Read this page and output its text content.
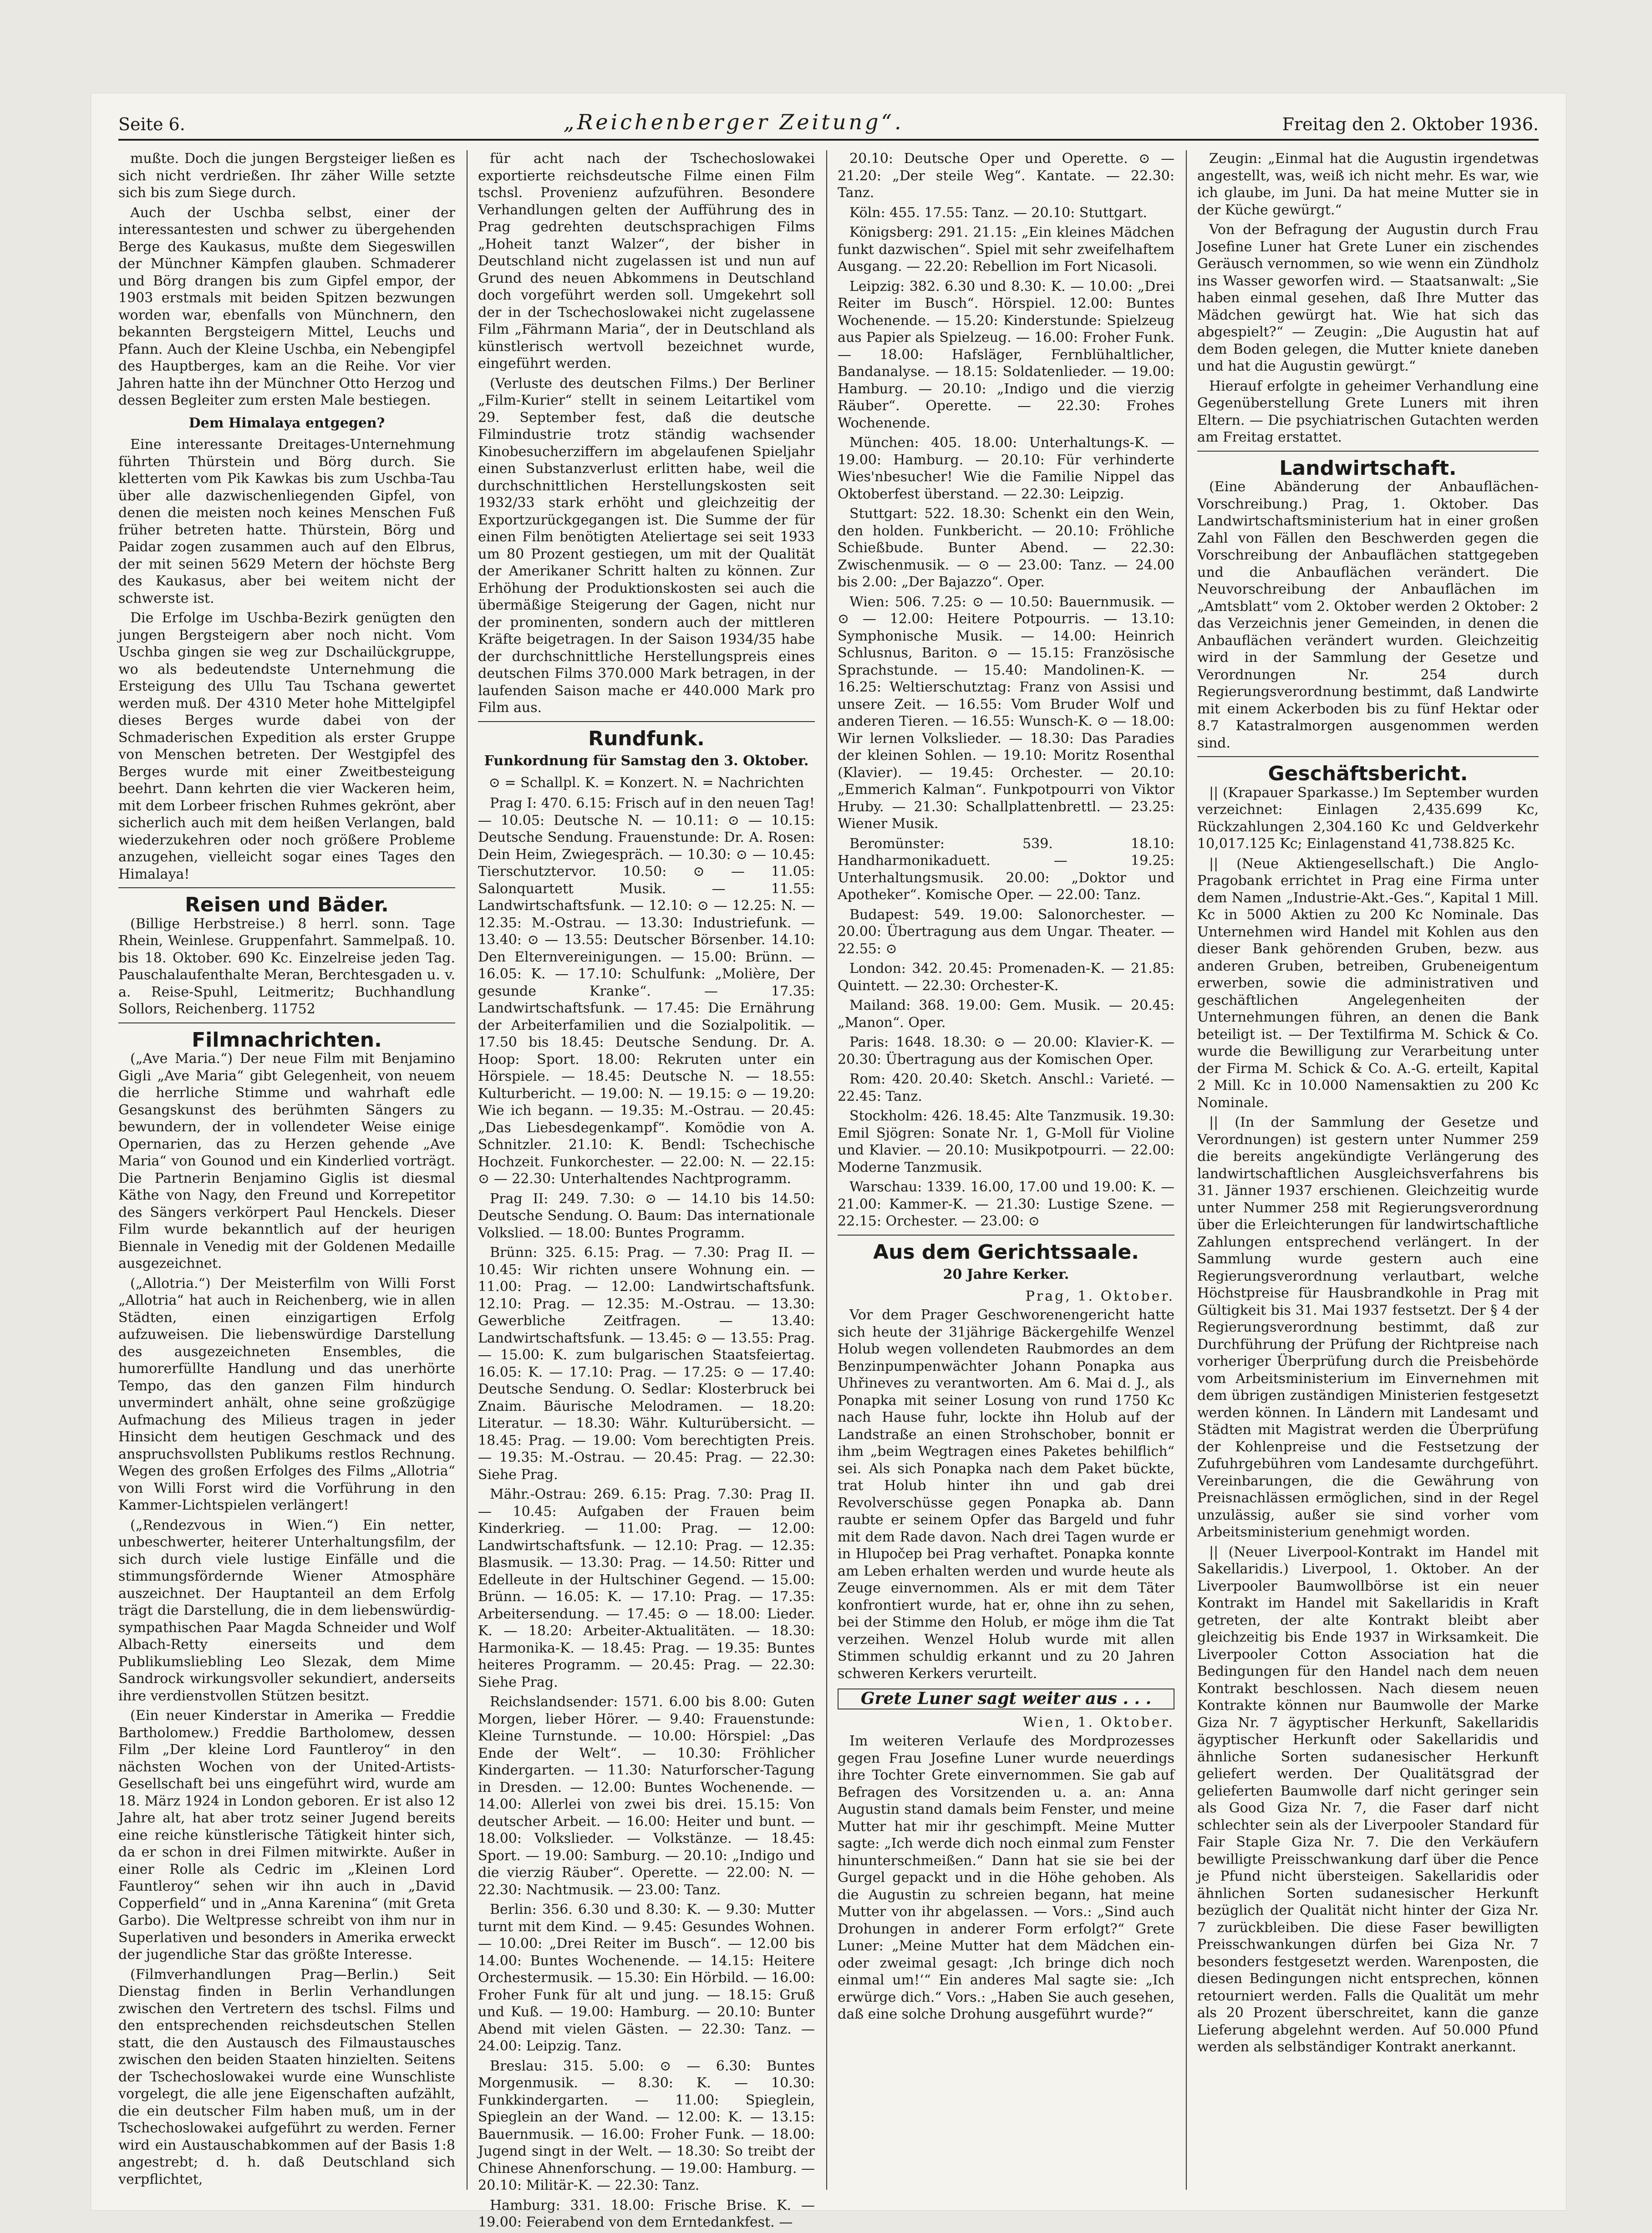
Seite 6.	„Reichenberger Zeitung“.	Freitag den 2. Oktober 1936.

mußte. Doch die jungen Bergsteiger ließen es sich nicht verdrießen. Ihr zäher Wille setzte sich bis zum Siege durch.

Auch der Uschba selbst, einer der interessantesten und schwer zu übergehenden Berge des Kaukasus, mußte dem Siegeswillen der Münchner Kämpfen glauben. Schmaderer und Börg drangen bis zum Gipfel empor, der 1903 erstmals mit beiden Spitzen bezwungen worden war, ebenfalls von Münchnern, den bekannten Bergsteigern Mittel, Leuchs und Pfann. Auch der Kleine Uschba, ein Nebengipfel des Hauptberges, kam an die Reihe. Vor vier Jahren hatte ihn der Münchner Otto Herzog und dessen Begleiter zum ersten Male bestiegen.

Dem Himalaya entgegen?

Eine interessante Dreitages-Unternehmung führten Thürstein und Börg durch. Sie kletterten vom Pik Kawkas bis zum Uschba-Tau über alle dazwischenliegenden Gipfel, von denen die meisten noch keines Menschen Fuß früher betreten hatte. Thürstein, Börg und Paidar zogen zusammen auch auf den Elbrus, der mit seinen 5629 Metern der höchste Berg des Kaukasus, aber bei weitem nicht der schwerste ist.

Die Erfolge im Uschba-Bezirk genügten den jungen Bergsteigern aber noch nicht. Vom Uschba gingen sie weg zur Dschailückgruppe, wo als bedeutendste Unternehmung die Ersteigung des Ullu Tau Tschana gewertet werden muß. Der 4310 Meter hohe Mittelgipfel dieses Berges wurde dabei von der Schmaderischen Expedition als erster Gruppe von Menschen betreten. Der Westgipfel des Berges wurde mit einer Zweitbesteigung beehrt. Dann kehrten die vier Wackeren heim, mit dem Lorbeer frischen Ruhmes gekrönt, aber sicherlich auch mit dem heißen Verlangen, bald wiederzukehren oder noch größere Probleme anzugehen, vielleicht sogar eines Tages den Himalaya!

Reisen und Bäder.

(Billige Herbstreise.) 8 herrl. sonn. Tage Rhein, Weinlese. Gruppenfahrt. Sammelpaß. 10. bis 18. Oktober. 690 Kc. Einzelreise jeden Tag. Pauschalaufenthalte Meran, Berchtesgaden u. v. a. Reise-Spuhl, Leitmeritz; Buchhandlung Sollors, Reichenberg. 11752

Filmnachrichten.

(„Ave Maria.“) Der neue Film mit Benjamino Gigli „Ave Maria“ gibt Gelegenheit, von neuem die herrliche Stimme und wahrhaft edle Gesangskunst des berühmten Sängers zu bewundern, der in vollendeter Weise einige Opernarien, das zu Herzen gehende „Ave Maria“ von Gounod und ein Kinderlied vorträgt. Die Partnerin Benjamino Giglis ist diesmal Käthe von Nagy, den Freund und Korrepetitor des Sängers verkörpert Paul Henckels. Dieser Film wurde bekanntlich auf der heurigen Biennale in Venedig mit der Goldenen Medaille ausgezeichnet.

(„Allotria.“) Der Meisterfilm von Willi Forst „Allotria“ hat auch in Reichenberg, wie in allen Städten, einen einzigartigen Erfolg aufzuweisen. Die liebenswürdige Darstellung des ausgezeichneten Ensembles, die humorerfüllte Handlung und das unerhörte Tempo, das den ganzen Film hindurch unvermindert anhält, ohne seine großzügige Aufmachung des Milieus tragen in jeder Hinsicht dem heutigen Geschmack und des anspruchsvollsten Publikums restlos Rechnung. Wegen des großen Erfolges des Films „Allotria“ von Willi Forst wird die Vorführung in den Kammer-Lichtspielen verlängert!

(„Rendezvous in Wien.“) Ein netter, unbeschwerter, heiterer Unterhaltungsfilm, der sich durch viele lustige Einfälle und die stimmungsfördernde Wiener Atmosphäre auszeichnet. Der Hauptanteil an dem Erfolg trägt die Darstellung, die in dem liebenswürdig-sympathischen Paar Magda Schneider und Wolf Albach-Retty einerseits und dem Publikumsliebling Leo Slezak, dem Mime Sandrock wirkungsvoller sekundiert, anderseits ihre verdienstvollen Stützen besitzt.

(Ein neuer Kinderstar in Amerika — Freddie Bartholomew.) Freddie Bartholomew, dessen Film „Der kleine Lord Fauntleroy“ in den nächsten Wochen von der United-Artists-Gesellschaft bei uns eingeführt wird, wurde am 18. März 1924 in London geboren. Er ist also 12 Jahre alt, hat aber trotz seiner Jugend bereits eine reiche künstlerische Tätigkeit hinter sich, da er schon in drei Filmen mitwirkte. Außer in einer Rolle als Cedric im „Kleinen Lord Fauntleroy“ sehen wir ihn auch in „David Copperfield“ und in „Anna Karenina“ (mit Greta Garbo). Die Weltpresse schreibt von ihm nur in Superlativen und besonders in Amerika erweckt der jugendliche Star das größte Interesse.

(Filmverhandlungen Prag—Berlin.) Seit Dienstag finden in Berlin Verhandlungen zwischen den Vertretern des tschsl. Films und den entsprechenden reichsdeutschen Stellen statt, die den Austausch des Filmaustausches zwischen den beiden Staaten hinzielten. Seitens der Tschechoslowakei wurde eine Wunschliste vorgelegt, die alle jene Eigenschaften aufzählt, die ein deutscher Film haben muß, um in der Tschechoslowakei aufgeführt zu werden. Ferner wird ein Austauschabkommen auf der Basis 1:8 angestrebt; d. h. daß Deutschland sich verpflichtet,

für acht nach der Tschechoslowakei exportierte reichsdeutsche Filme einen Film tschsl. Provenienz aufzuführen. Besondere Verhandlungen gelten der Aufführung des in Prag gedrehten deutschsprachigen Films „Hoheit tanzt Walzer“, der bisher in Deutschland nicht zugelassen ist und nun auf Grund des neuen Abkommens in Deutschland doch vorgeführt werden soll. Umgekehrt soll der in der Tschechoslowakei nicht zugelassene Film „Fährmann Maria“, der in Deutschland als künstlerisch wertvoll bezeichnet wurde, eingeführt werden.

(Verluste des deutschen Films.) Der Berliner „Film-Kurier“ stellt in seinem Leitartikel vom 29. September fest, daß die deutsche Filmindustrie trotz ständig wachsender Kinobesucherziffern im abgelaufenen Spieljahr einen Substanzverlust erlitten habe, weil die durchschnittlichen Herstellungskosten seit 1932/33 stark erhöht und gleichzeitig der Exportzurückgegangen ist. Die Summe der für einen Film benötigten Ateliertage sei seit 1933 um 80 Prozent gestiegen, um mit der Qualität der Amerikaner Schritt halten zu können. Zur Erhöhung der Produktionskosten sei auch die übermäßige Steigerung der Gagen, nicht nur der prominenten, sondern auch der mittleren Kräfte beigetragen. In der Saison 1934/35 habe der durchschnittliche Herstellungspreis eines deutschen Films 370.000 Mark betragen, in der laufenden Saison mache er 440.000 Mark pro Film aus.

Rundfunk.

Funkordnung für Samstag den 3. Oktober.

⊙ = Schallpl. K. = Konzert. N. = Nachrichten

Prag I: 470. 6.15: Frisch auf in den neuen Tag! — 10.05: Deutsche N. — 10.11: ⊙ — 10.15: Deutsche Sendung. Frauenstunde: Dr. A. Rosen: Dein Heim, Zwiegespräch. — 10.30: ⊙ — 10.45: Tierschutztervor. 10.50: ⊙ — 11.05: Salonquartett Musik. — 11.55: Landwirtschaftsfunk. — 12.10: ⊙ — 12.25: N. — 12.35: M.-Ostrau. — 13.30: Industriefunk. — 13.40: ⊙ — 13.55: Deutscher Börsenber. 14.10: Den Elternvereinigungen. — 15.00: Brünn. — 16.05: K. — 17.10: Schulfunk: „Molière, Der gesunde Kranke“. — 17.35: Landwirtschaftsfunk. — 17.45: Die Ernährung der Arbeiterfamilien und die Sozialpolitik. — 17.50 bis 18.45: Deutsche Sendung. Dr. A. Hoop: Sport. 18.00: Rekruten unter ein Hörspiele. — 18.45: Deutsche N. — 18.55: Kulturbericht. — 19.00: N. — 19.15: ⊙ — 19.20: Wie ich begann. — 19.35: M.-Ostrau. — 20.45: „Das Liebesdegenkampf“. Komödie von A. Schnitzler. 21.10: K. Bendl: Tschechische Hochzeit. Funkorchester. — 22.00: N. — 22.15: ⊙ — 22.30: Unterhaltendes Nachtprogramm.

Prag II: 249. 7.30: ⊙ — 14.10 bis 14.50: Deutsche Sendung. O. Baum: Das internationale Volkslied. — 18.00: Buntes Programm.

Brünn: 325. 6.15: Prag. — 7.30: Prag II. — 10.45: Wir richten unsere Wohnung ein. — 11.00: Prag. — 12.00: Landwirtschaftsfunk. 12.10: Prag. — 12.35: M.-Ostrau. — 13.30: Gewerbliche Zeitfragen. — 13.40: Landwirtschaftsfunk. — 13.45: ⊙ — 13.55: Prag. — 15.00: K. zum bulgarischen Staatsfeiertag. 16.05: K. — 17.10: Prag. — 17.25: ⊙ — 17.40: Deutsche Sendung. O. Sedlar: Klosterbruck bei Znaim. Bäurische Melodramen. — 18.20: Literatur. — 18.30: Währ. Kulturübersicht. — 18.45: Prag. — 19.00: Vom berechtigten Preis. — 19.35: M.-Ostrau. — 20.45: Prag. — 22.30: Siehe Prag.

Mähr.-Ostrau: 269. 6.15: Prag. 7.30: Prag II. — 10.45: Aufgaben der Frauen beim Kinderkrieg. — 11.00: Prag. — 12.00: Landwirtschaftsfunk. — 12.10: Prag. — 12.35: Blasmusik. — 13.30: Prag. — 14.50: Ritter und Edelleute in der Hultschiner Gegend. — 15.00: Brünn. — 16.05: K. — 17.10: Prag. — 17.35: Arbeitersendung. — 17.45: ⊙ — 18.00: Lieder. K. — 18.20: Arbeiter-Aktualitäten. — 18.30: Harmonika-K. — 18.45: Prag. — 19.35: Buntes heiteres Programm. — 20.45: Prag. — 22.30: Siehe Prag.

Reichslandsender: 1571. 6.00 bis 8.00: Guten Morgen, lieber Hörer. — 9.40: Frauenstunde: Kleine Turnstunde. — 10.00: Hörspiel: „Das Ende der Welt“. — 10.30: Fröhlicher Kindergarten. — 11.30: Naturforscher-Tagung in Dresden. — 12.00: Buntes Wochenende. — 14.00: Allerlei von zwei bis drei. 15.15: Von deutscher Arbeit. — 16.00: Heiter und bunt. — 18.00: Volkslieder. — Volkstänze. — 18.45: Sport. — 19.00: Samburg. — 20.10: „Indigo und die vierzig Räuber“. Operette. — 22.00: N. — 22.30: Nachtmusik. — 23.00: Tanz.

Berlin: 356. 6.30 und 8.30: K. — 9.30: Mutter turnt mit dem Kind. — 9.45: Gesundes Wohnen. — 10.00: „Drei Reiter im Busch“. — 12.00 bis 14.00: Buntes Wochenende. — 14.15: Heitere Orchestermusik. — 15.30: Ein Hörbild. — 16.00: Froher Funk für alt und jung. — 18.15: Gruß und Kuß. — 19.00: Hamburg. — 20.10: Bunter Abend mit vielen Gästen. — 22.30: Tanz. — 24.00: Leipzig. Tanz.

Breslau: 315. 5.00: ⊙ — 6.30: Buntes Morgenmusik. — 8.30: K. — 10.30: Funkkindergarten. — 11.00: Spieglein, Spieglein an der Wand. — 12.00: K. — 13.15: Bauernmusik. — 16.00: Froher Funk. — 18.00: Jugend singt in der Welt. — 18.30: So treibt der Chinese Ahnenforschung. — 19.00: Hamburg. — 20.10: Militär-K. — 22.30: Tanz.

Hamburg: 331. 18.00: Frische Brise. K. — 19.00: Feierabend von dem Erntedankfest. —

20.10: Deutsche Oper und Operette. ⊙ — 21.20: „Der steile Weg“. Kantate. — 22.30: Tanz.

Köln: 455. 17.55: Tanz. — 20.10: Stuttgart.

Königsberg: 291. 21.15: „Ein kleines Mädchen funkt dazwischen“. Spiel mit sehr zweifelhaftem Ausgang. — 22.20: Rebellion im Fort Nicasoli.

Leipzig: 382. 6.30 und 8.30: K. — 10.00: „Drei Reiter im Busch“. Hörspiel. 12.00: Buntes Wochenende. — 15.20: Kinderstunde: Spielzeug aus Papier als Spielzeug. — 16.00: Froher Funk. — 18.00: Hafsläger, Fernblühaltlicher, Bandanalyse. — 18.15: Soldatenlieder. — 19.00: Hamburg. — 20.10: „Indigo und die vierzig Räuber“. Operette. — 22.30: Frohes Wochenende.

München: 405. 18.00: Unterhaltungs-K. — 19.00: Hamburg. — 20.10: Für verhinderte Wies'nbesucher! Wie die Familie Nippel das Oktoberfest überstand. — 22.30: Leipzig.

Stuttgart: 522. 18.30: Schenkt ein den Wein, den holden. Funkbericht. — 20.10: Fröhliche Schießbude. Bunter Abend. — 22.30: Zwischenmusik. — ⊙ — 23.00: Tanz. — 24.00 bis 2.00: „Der Bajazzo“. Oper.

Wien: 506. 7.25: ⊙ — 10.50: Bauernmusik. — ⊙ — 12.00: Heitere Potpourris. — 13.10: Symphonische Musik. — 14.00: Heinrich Schlusnus, Bariton. ⊙ — 15.15: Französische Sprachstunde. — 15.40: Mandolinen-K. — 16.25: Weltierschutztag: Franz von Assisi und unsere Zeit. — 16.55: Vom Bruder Wolf und anderen Tieren. — 16.55: Wunsch-K. ⊙ — 18.00: Wir lernen Volkslieder. — 18.30: Das Paradies der kleinen Sohlen. — 19.10: Moritz Rosenthal (Klavier). — 19.45: Orchester. — 20.10: „Emmerich Kalman“. Funkpotpourri von Viktor Hruby. — 21.30: Schallplattenbrettl. — 23.25: Wiener Musik.

Beromünster: 539. 18.10: Handharmonikaduett. — 19.25: Unterhaltungsmusik. 20.00: „Doktor und Apotheker“. Komische Oper. — 22.00: Tanz.

Budapest: 549. 19.00: Salonorchester. — 20.00: Übertragung aus dem Ungar. Theater. — 22.55: ⊙

London: 342. 20.45: Promenaden-K. — 21.85: Quintett. — 22.30: Orchester-K.

Mailand: 368. 19.00: Gem. Musik. — 20.45: „Manon“. Oper.

Paris: 1648. 18.30: ⊙ — 20.00: Klavier-K. — 20.30: Übertragung aus der Komischen Oper.

Rom: 420. 20.40: Sketch. Anschl.: Varieté. — 22.45: Tanz.

Stockholm: 426. 18.45: Alte Tanzmusik. 19.30: Emil Sjögren: Sonate Nr. 1, G-Moll für Violine und Klavier. — 20.10: Musikpotpourri. — 22.00: Moderne Tanzmusik.

Warschau: 1339. 16.00, 17.00 und 19.00: K. — 21.00: Kammer-K. — 21.30: Lustige Szene. — 22.15: Orchester. — 23.00: ⊙

Aus dem Gerichtssaale.

20 Jahre Kerker.

Prag, 1. Oktober.

Vor dem Prager Geschworenengericht hatte sich heute der 31jährige Bäckergehilfe Wenzel Holub wegen vollendeten Raubmordes an dem Benzinpumpenwächter Johann Ponapka aus Uhřineves zu verantworten. Am 6. Mai d. J., als Ponapka mit seiner Losung von rund 1750 Kc nach Hause fuhr, lockte ihn Holub auf der Landstraße an einen Strohschober, bonnit er ihm „beim Wegtragen eines Paketes behilflich“ sei. Als sich Ponapka nach dem Paket bückte, trat Holub hinter ihn und gab drei Revolverschüsse gegen Ponapka ab. Dann raubte er seinem Opfer das Bargeld und fuhr mit dem Rade davon. Nach drei Tagen wurde er in Hlupočep bei Prag verhaftet. Ponapka konnte am Leben erhalten werden und wurde heute als Zeuge einvernommen. Als er mit dem Täter konfrontiert wurde, hat er, ohne ihn zu sehen, bei der Stimme den Holub, er möge ihm die Tat verzeihen. Wenzel Holub wurde mit allen Stimmen schuldig erkannt und zu 20 Jahren schweren Kerkers verurteilt.

Grete Luner sagt weiter aus . . .

Wien, 1. Oktober.

Im weiteren Verlaufe des Mordprozesses gegen Frau Josefine Luner wurde neuerdings ihre Tochter Grete einvernommen. Sie gab auf Befragen des Vorsitzenden u. a. an: Anna Augustin stand damals beim Fenster, und meine Mutter hat mir ihr geschimpft. Meine Mutter sagte: „Ich werde dich noch einmal zum Fenster hinunterschmeißen.“ Dann hat sie sie bei der Gurgel gepackt und in die Höhe gehoben. Als die Augustin zu schreien begann, hat meine Mutter von ihr abgelassen. — Vors.: „Sind auch Drohungen in anderer Form erfolgt?“ Grete Luner: „Meine Mutter hat dem Mädchen ein- oder zweimal gesagt: ‚Ich bringe dich noch einmal um!‘“ Ein anderes Mal sagte sie: „Ich erwürge dich.“ Vors.: „Haben Sie auch gesehen, daß eine solche Drohung ausgeführt wurde?“

Zeugin: „Einmal hat die Augustin irgendetwas angestellt, was, weiß ich nicht mehr. Es war, wie ich glaube, im Juni. Da hat meine Mutter sie in der Küche gewürgt.“

Von der Befragung der Augustin durch Frau Josefine Luner hat Grete Luner ein zischendes Geräusch vernommen, so wie wenn ein Zündholz ins Wasser geworfen wird. — Staatsanwalt: „Sie haben einmal gesehen, daß Ihre Mutter das Mädchen gewürgt hat. Wie hat sich das abgespielt?“ — Zeugin: „Die Augustin hat auf dem Boden gelegen, die Mutter kniete daneben und hat die Augustin gewürgt.“

Hierauf erfolgte in geheimer Verhandlung eine Gegenüberstellung Grete Luners mit ihren Eltern. — Die psychiatrischen Gutachten werden am Freitag erstattet.

Landwirtschaft.

(Eine Abänderung der Anbauflächen-Vorschreibung.) Prag, 1. Oktober. Das Landwirtschaftsministerium hat in einer großen Zahl von Fällen den Beschwerden gegen die Vorschreibung der Anbauflächen stattgegeben und die Anbauflächen verändert. Die Neuvorschreibung der Anbauflächen im „Amtsblatt“ vom 2. Oktober werden 2 Oktober: 2 das Verzeichnis jener Gemeinden, in denen die Anbauflächen verändert wurden. Gleichzeitig wird in der Sammlung der Gesetze und Verordnungen Nr. 254 durch Regierungsverordnung bestimmt, daß Landwirte mit einem Ackerboden bis zu fünf Hektar oder 8.7 Katastralmorgen ausgenommen werden sind.

Geschäftsbericht.

|| (Krapauer Sparkasse.) Im September wurden verzeichnet: Einlagen 2,435.699 Kc, Rückzahlungen 2,304.160 Kc und Geldverkehr 10,017.125 Kc; Einlagenstand 41,738.825 Kc.

|| (Neue Aktiengesellschaft.) Die Anglo-Pragobank errichtet in Prag eine Firma unter dem Namen „Industrie-Akt.-Ges.“, Kapital 1 Mill. Kc in 5000 Aktien zu 200 Kc Nominale. Das Unternehmen wird Handel mit Kohlen aus den dieser Bank gehörenden Gruben, bezw. aus anderen Gruben, betreiben, Grubeneigentum erwerben, sowie die administrativen und geschäftlichen Angelegenheiten der Unternehmungen führen, an denen die Bank beteiligt ist. — Der Textilfirma M. Schick & Co. wurde die Bewilligung zur Verarbeitung unter der Firma M. Schick & Co. A.-G. erteilt, Kapital 2 Mill. Kc in 10.000 Namensaktien zu 200 Kc Nominale.

|| (In der Sammlung der Gesetze und Verordnungen) ist gestern unter Nummer 259 die bereits angekündigte Verlängerung des landwirtschaftlichen Ausgleichsverfahrens bis 31. Jänner 1937 erschienen. Gleichzeitig wurde unter Nummer 258 mit Regierungsverordnung über die Erleichterungen für landwirtschaftliche Zahlungen entsprechend verlängert. In der Sammlung wurde gestern auch eine Regierungsverordnung verlautbart, welche Höchstpreise für Hausbrandkohle in Prag mit Gültigkeit bis 31. Mai 1937 festsetzt. Der § 4 der Regierungsverordnung bestimmt, daß zur Durchführung der Prüfung der Richtpreise nach vorheriger Überprüfung durch die Preisbehörde vom Arbeitsministerium im Einvernehmen mit dem übrigen zuständigen Ministerien festgesetzt werden können. In Ländern mit Landesamt und Städten mit Magistrat werden die Überprüfung der Kohlenpreise und die Festsetzung der Zufuhrgebühren vom Landesamte durchgeführt. Vereinbarungen, die die Gewährung von Preisnachlässen ermöglichen, sind in der Regel unzulässig, außer sie sind vorher vom Arbeitsministerium genehmigt worden.

|| (Neuer Liverpool-Kontrakt im Handel mit Sakellaridis.) Liverpool, 1. Oktober. An der Liverpooler Baumwollbörse ist ein neuer Kontrakt im Handel mit Sakellaridis in Kraft getreten, der alte Kontrakt bleibt aber gleichzeitig bis Ende 1937 in Wirksamkeit. Die Liverpooler Cotton Association hat die Bedingungen für den Handel nach dem neuen Kontrakt beschlossen. Nach diesem neuen Kontrakte können nur Baumwolle der Marke Giza Nr. 7 ägyptischer Herkunft, Sakellaridis ägyptischer Herkunft oder Sakellaridis und ähnliche Sorten sudanesischer Herkunft geliefert werden. Der Qualitätsgrad der gelieferten Baumwolle darf nicht geringer sein als Good Giza Nr. 7, die Faser darf nicht schlechter sein als der Liverpooler Standard für Fair Staple Giza Nr. 7. Die den Verkäufern bewilligte Preisschwankung darf über die Pence je Pfund nicht übersteigen. Sakellaridis oder ähnlichen Sorten sudanesischer Herkunft bezüglich der Qualität nicht hinter der Giza Nr. 7 zurückbleiben. Die diese Faser bewilligten Preisschwankungen dürfen bei Giza Nr. 7 besonders festgesetzt werden. Warenposten, die diesen Bedingungen nicht entsprechen, können retourniert werden. Falls die Qualität um mehr als 20 Prozent überschreitet, kann die ganze Lieferung abgelehnt werden. Auf 50.000 Pfund werden als selbständiger Kontrakt anerkannt.
